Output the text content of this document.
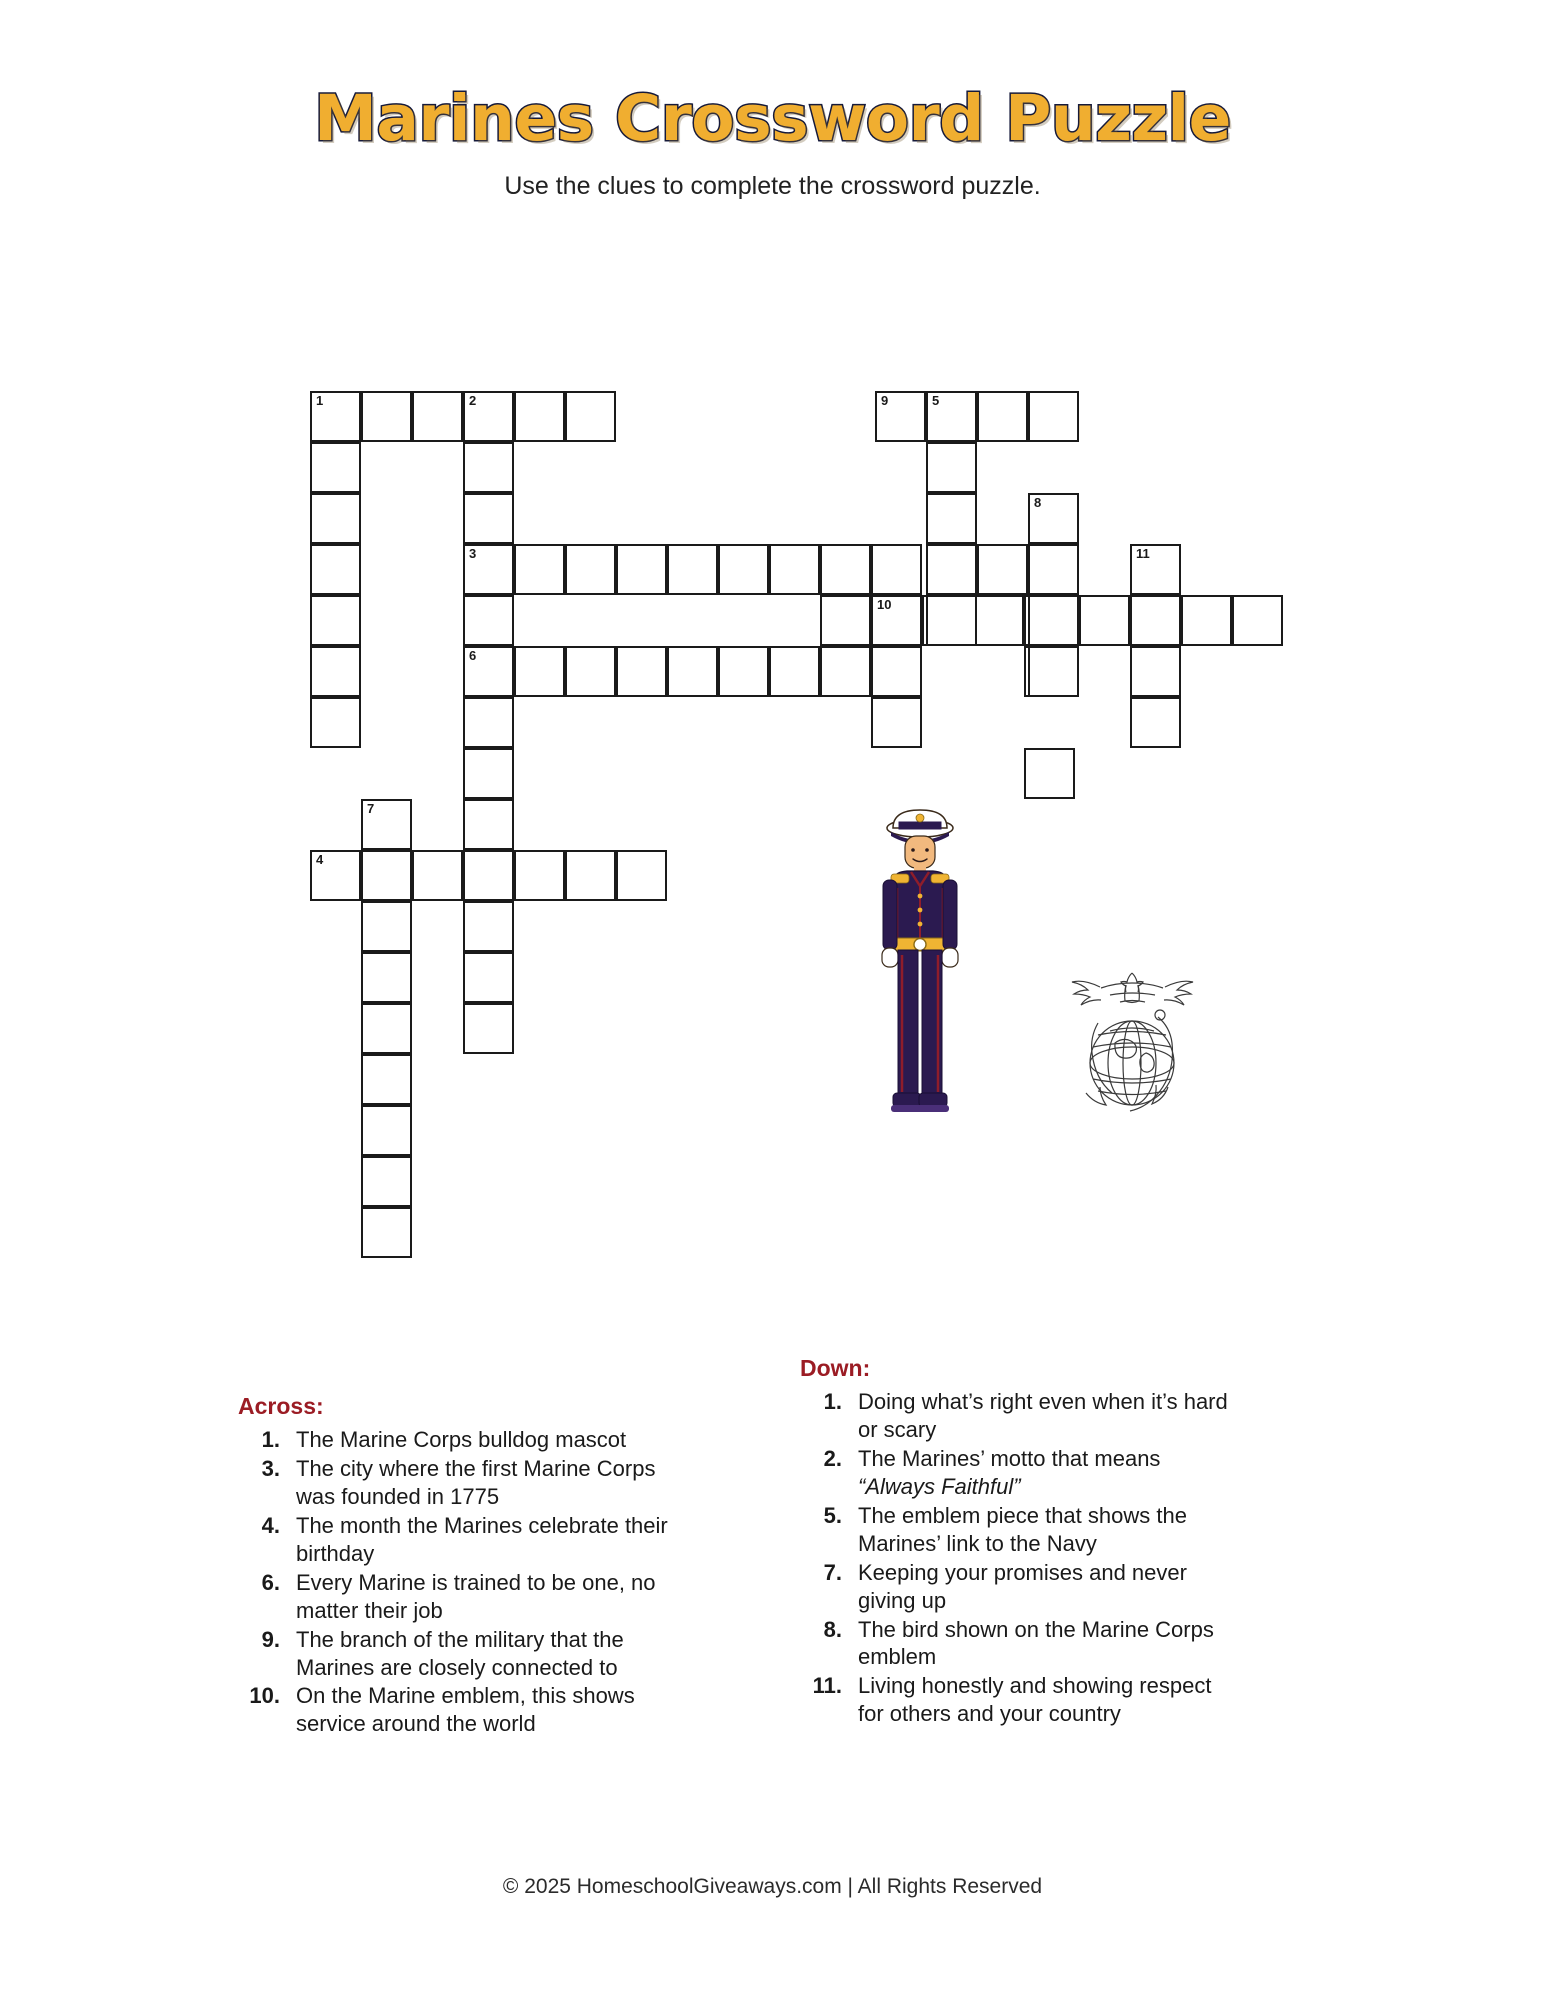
Marines Crossword Puzzle

Use the clues to complete the crossword puzzle.

1	2
3
10
6
7
4
9	5
8
11
Across:
1. The Marine Corps bulldog mascot
3. The city where the first Marine Corps was founded in 1775
4. The month the Marines celebrate their birthday
6. Every Marine is trained to be one, no matter their job
9. The branch of the military that the Marines are closely connected to
10. On the Marine emblem, this shows service around the world
Down:
1. Doing what’s right even when it’s hard or scary
2. The Marines’ motto that means “Always Faithful”
5. The emblem piece that shows the Marines’ link to the Navy
7. Keeping your promises and never giving up
8. The bird shown on the Marine Corps emblem
11. Living honestly and showing respect for others and your country
© 2025 HomeschoolGiveaways.com | All Rights Reserved
